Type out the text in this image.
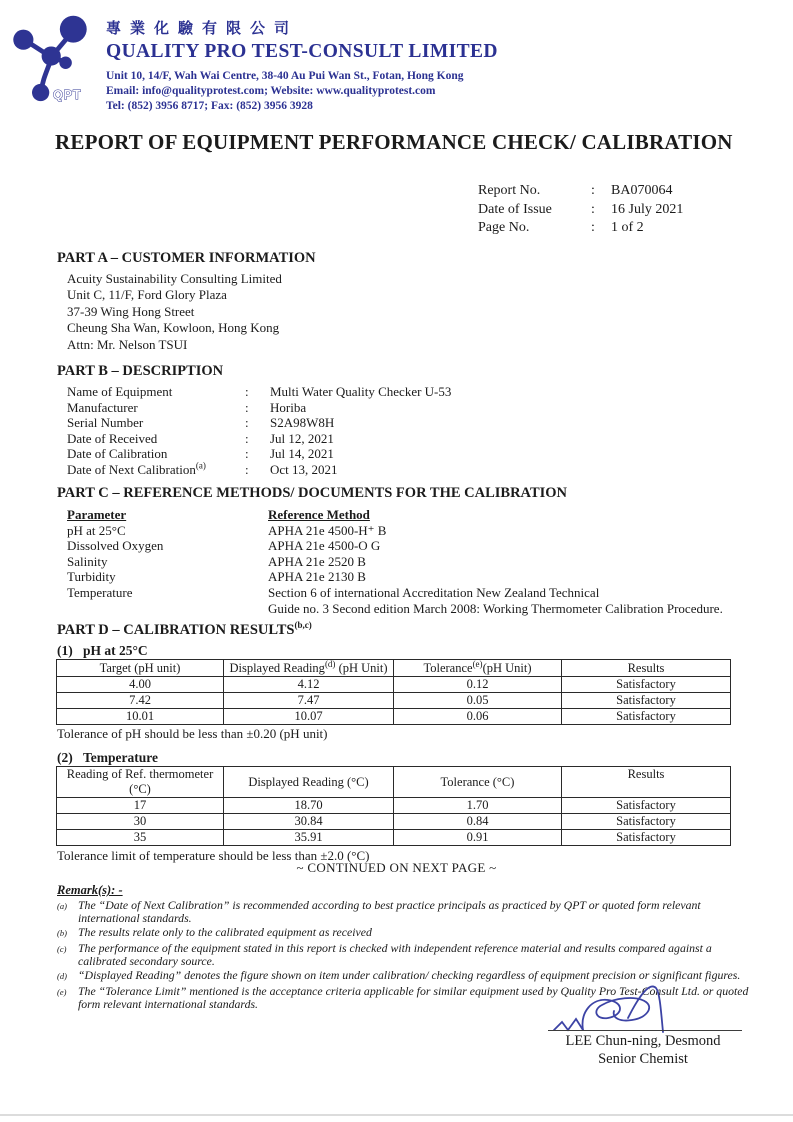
QPT
專業化驗有限公司
QUALITY PRO TEST-CONSULT LIMITED
Unit 10, 14/F, Wah Wai Centre, 38-40 Au Pui Wan St., Fotan, Hong Kong
Email: info@qualityprotest.com; Website: www.qualityprotest.com
Tel: (852) 3956 8717; Fax: (852) 3956 3928
REPORT OF EQUIPMENT PERFORMANCE CHECK/ CALIBRATION
Report No.	:	BA070064
Date of Issue	:	16 July 2021
Page No.	:	1 of 2
PART A – CUSTOMER INFORMATION
Acuity Sustainability Consulting Limited
Unit C, 11/F, Ford Glory Plaza
37-39 Wing Hong Street
Cheung Sha Wan, Kowloon, Hong Kong
Attn: Mr. Nelson TSUI
PART B – DESCRIPTION
Name of Equipment	:	Multi Water Quality Checker U-53
Manufacturer	:	Horiba
Serial Number	:	S2A98W8H
Date of Received	:	Jul 12, 2021
Date of Calibration	:	Jul 14, 2021
Date of Next Calibration$^{(a)}$	:	Oct 13, 2021
PART C – REFERENCE METHODS/ DOCUMENTS FOR THE CALIBRATION
Parameter	Reference Method
pH at 25°C	APHA 21e 4500-H⁺ B
Dissolved Oxygen	APHA 21e 4500-O G
Salinity	APHA 21e 2520 B
Turbidity	APHA 21e 2130 B
Temperature	Section 6 of international Accreditation New Zealand Technical
Guide no. 3 Second edition March 2008: Working Thermometer Calibration Procedure.
PART D – CALIBRATION RESULTS$^{(b,c)}$
(1) pH at 25°C
Target (pH unit)	Displayed Reading$^{(d)}$ (pH Unit)	Tolerance$^{(e)}$(pH Unit)	Results
4.00	4.12	0.12	Satisfactory
7.42	7.47	0.05	Satisfactory
10.01	10.07	0.06	Satisfactory
Tolerance of pH should be less than ±0.20 (pH unit)
(2) Temperature
Reading of Ref. thermometer
(°C)	Displayed Reading (°C)	Tolerance (°C)	Results
17	18.70	1.70	Satisfactory
30	30.84	0.84	Satisfactory
35	35.91	0.91	Satisfactory
Tolerance limit of temperature should be less than ±2.0 (°C)
~ CONTINUED ON NEXT PAGE ~
Remark(s): -
(a) The “Date of Next Calibration” is recommended according to best practice principals as practiced by QPT or quoted form relevant international standards.
(b) The results relate only to the calibrated equipment as received
(c) The performance of the equipment stated in this report is checked with independent reference material and results compared against a calibrated secondary source.
(d) “Displayed Reading” denotes the figure shown on item under calibration/ checking regardless of equipment precision or significant figures.
(e) The “Tolerance Limit” mentioned is the acceptance criteria applicable for similar equipment used by Quality Pro Test-Consult Ltd. or quoted form relevant international standards.
LEE Chun-ning, Desmond
Senior Chemist
